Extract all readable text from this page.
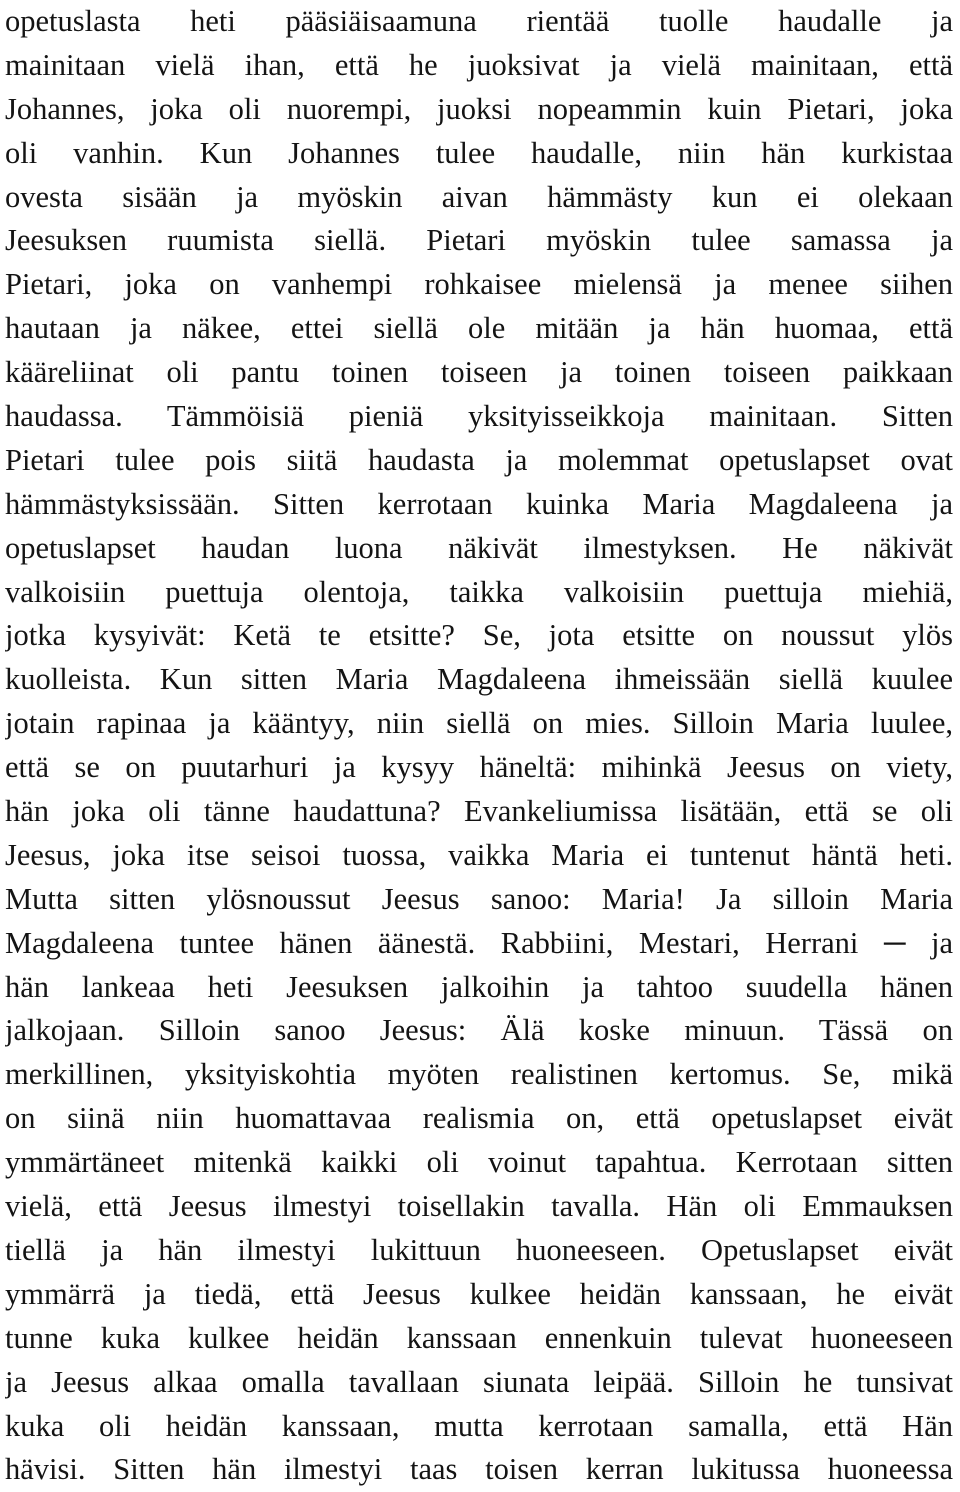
opetuslasta heti pääsiäisaamuna rientää tuolle haudalle ja
mainitaan vielä ihan, että he juoksivat ja vielä mainitaan, että
Johannes, joka oli nuorempi, juoksi nopeammin kuin Pietari, joka
oli vanhin. Kun Johannes tulee haudalle, niin hän kurkistaa
ovesta sisään ja myöskin aivan hämmästy kun ei olekaan
Jeesuksen ruumista siellä. Pietari myöskin tulee samassa ja
Pietari, joka on vanhempi rohkaisee mielensä ja menee siihen
hautaan ja näkee, ettei siellä ole mitään ja hän huomaa, että
kääreliinat oli pantu toinen toiseen ja toinen toiseen paikkaan
haudassa. Tämmöisiä pieniä yksityisseikkoja mainitaan. Sitten
Pietari tulee pois siitä haudasta ja molemmat opetuslapset ovat
hämmästyksissään. Sitten kerrotaan kuinka Maria Magdaleena ja
opetuslapset haudan luona näkivät ilmestyksen. He näkivät
valkoisiin puettuja olentoja, taikka valkoisiin puettuja miehiä,
jotka kysyivät: Ketä te etsitte? Se, jota etsitte on noussut ylös
kuolleista. Kun sitten Maria Magdaleena ihmeissään siellä kuulee
jotain rapinaa ja kääntyy, niin siellä on mies. Silloin Maria luulee,
että se on puutarhuri ja kysyy häneltä: mihinkä Jeesus on viety,
hän joka oli tänne haudattuna? Evankeliumissa lisätään, että se oli
Jeesus, joka itse seisoi tuossa, vaikka Maria ei tuntenut häntä heti.
Mutta sitten ylösnoussut Jeesus sanoo: Maria! Ja silloin Maria
Magdaleena tuntee hänen äänestä. Rabbiini, Mestari, Herrani ─ ja
hän lankeaa heti Jeesuksen jalkoihin ja tahtoo suudella hänen
jalkojaan. Silloin sanoo Jeesus: Älä koske minuun. Tässä on
merkillinen, yksityiskohtia myöten realistinen kertomus. Se, mikä
on siinä niin huomattavaa realismia on, että opetuslapset eivät
ymmärtäneet mitenkä kaikki oli voinut tapahtua. Kerrotaan sitten
vielä, että Jeesus ilmestyi toisellakin tavalla. Hän oli Emmauksen
tiellä ja hän ilmestyi lukittuun huoneeseen. Opetuslapset eivät
ymmärrä ja tiedä, että Jeesus kulkee heidän kanssaan, he eivät
tunne kuka kulkee heidän kanssaan ennenkuin tulevat huoneeseen
ja Jeesus alkaa omalla tavallaan siunata leipää. Silloin he tunsivat
kuka oli heidän kanssaan, mutta kerrotaan samalla, että Hän
hävisi. Sitten hän ilmestyi taas toisen kerran lukitussa huoneessa
